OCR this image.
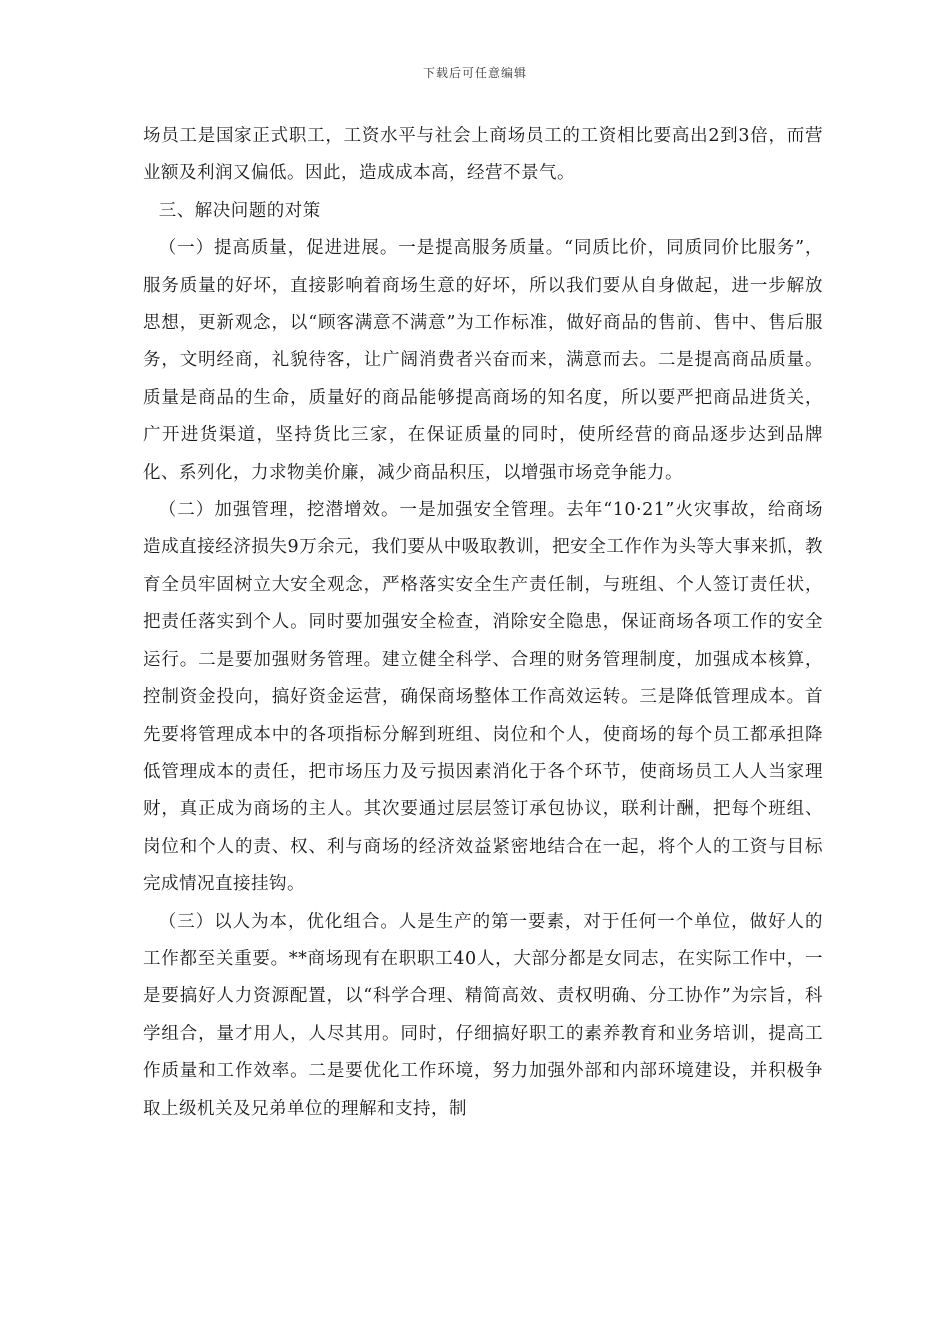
下载后可任意编辑

场员工是国家正式职工，工资水平与社会上商场员工的工资相比要高出2到3倍，而营业额及利润又偏低。因此，造成成本高，经营不景气。

三、解决问题的对策

（一）提高质量，促进进展。一是提高服务质量。“同质比价，同质同价比服务”，服务质量的好坏，直接影响着商场生意的好坏，所以我们要从自身做起，进一步解放思想，更新观念，以“顾客满意不满意”为工作标准，做好商品的售前、售中、售后服务，文明经商，礼貌待客，让广阔消费者兴奋而来，满意而去。二是提高商品质量。质量是商品的生命，质量好的商品能够提高商场的知名度，所以要严把商品进货关，广开进货渠道，坚持货比三家，在保证质量的同时，使所经营的商品逐步达到品牌化、系列化，力求物美价廉，减少商品积压，以增强市场竞争能力。

（二）加强管理，挖潜增效。一是加强安全管理。去年“10·21”火灾事故，给商场造成直接经济损失9万余元，我们要从中吸取教训，把安全工作作为头等大事来抓，教育全员牢固树立大安全观念，严格落实安全生产责任制，与班组、个人签订责任状，把责任落实到个人。同时要加强安全检查，消除安全隐患，保证商场各项工作的安全运行。二是要加强财务管理。建立健全科学、合理的财务管理制度，加强成本核算，控制资金投向，搞好资金运营，确保商场整体工作高效运转。三是降低管理成本。首先要将管理成本中的各项指标分解到班组、岗位和个人，使商场的每个员工都承担降低管理成本的责任，把市场压力及亏损因素消化于各个环节，使商场员工人人当家理财，真正成为商场的主人。其次要通过层层签订承包协议，联利计酬，把每个班组、岗位和个人的责、权、利与商场的经济效益紧密地结合在一起，将个人的工资与目标完成情况直接挂钩。

（三）以人为本，优化组合。人是生产的第一要素，对于任何一个单位，做好人的工作都至关重要。**商场现有在职职工40人，大部分都是女同志，在实际工作中，一是要搞好人力资源配置，以“科学合理、精简高效、责权明确、分工协作”为宗旨，科学组合，量才用人，人尽其用。同时，仔细搞好职工的素养教育和业务培训，提高工作质量和工作效率。二是要优化工作环境，努力加强外部和内部环境建设，并积极争取上级机关及兄弟单位的理解和支持，制
